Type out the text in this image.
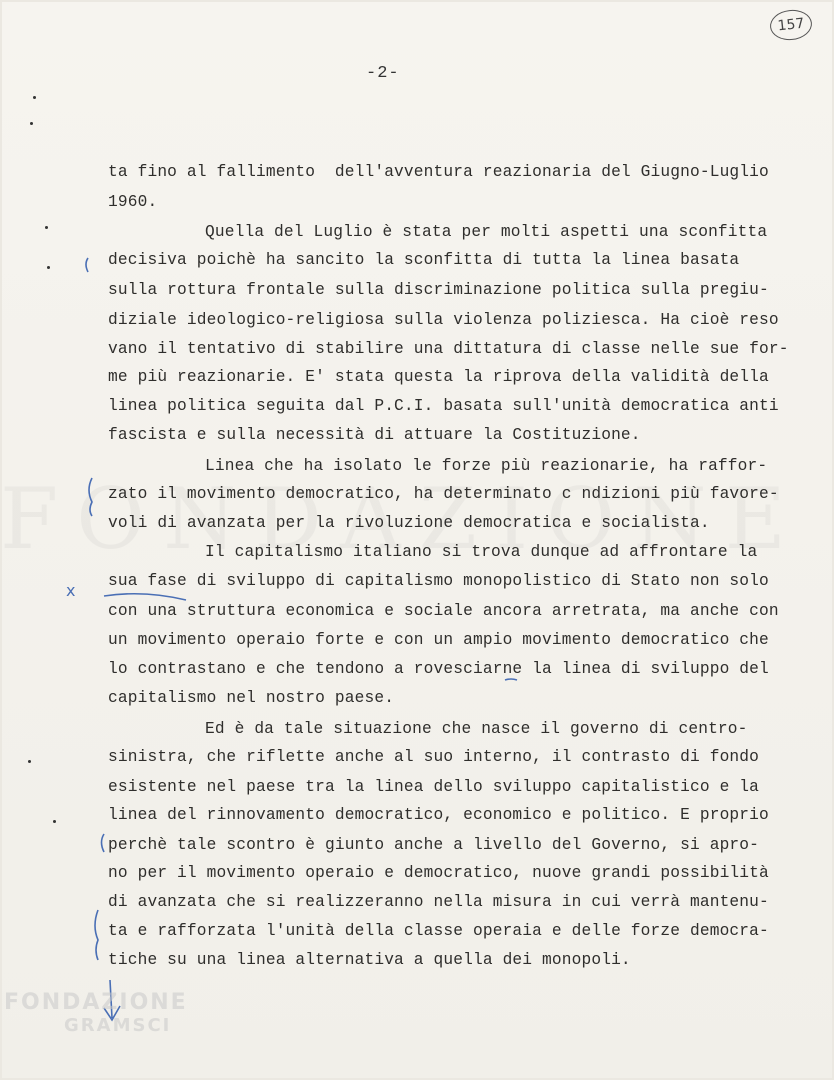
157
-2-
ta fino al fallimento  dell'avventura reazionaria del Giugno-Luglio
1960.
Quella del Luglio è stata per molti aspetti una sconfitta
decisiva poichè ha sancito la sconfitta di tutta la linea basata
sulla rottura frontale sulla discriminazione politica sulla pregiu-
diziale ideologico-religiosa sulla violenza poliziesca. Ha cioè reso
vano il tentativo di stabilire una dittatura di classe nelle sue for-
me più reazionarie. E' stata questa la riprova della validità della
linea politica seguita dal P.C.I. basata sull'unità democratica anti
fascista e sulla necessità di attuare la Costituzione.
Linea che ha isolato le forze più reazionarie, ha raffor-
zato il movimento democratico, ha determinato c ndizioni più favore-
voli di avanzata per la rivoluzione democratica e socialista.
Il capitalismo italiano si trova dunque ad affrontare la
sua fase di sviluppo di capitalismo monopolistico di Stato non solo
con una struttura economica e sociale ancora arretrata, ma anche con
un movimento operaio forte e con un ampio movimento democratico che
lo contrastano e che tendono a rovesciarne la linea di sviluppo del
capitalismo nel nostro paese.
Ed è da tale situazione che nasce il governo di centro-
sinistra, che riflette anche al suo interno, il contrasto di fondo
esistente nel paese tra la linea dello sviluppo capitalistico e la
linea del rinnovamento democratico, economico e politico. E proprio
perchè tale scontro è giunto anche a livello del Governo, si apro-
no per il movimento operaio e democratico, nuove grandi possibilità
di avanzata che si realizzeranno nella misura in cui verrà mantenu-
ta e rafforzata l'unità della classe operaia e delle forze democra-
tiche su una linea alternativa a quella dei monopoli.
x
FONDAZIONE
GRAMSCI
